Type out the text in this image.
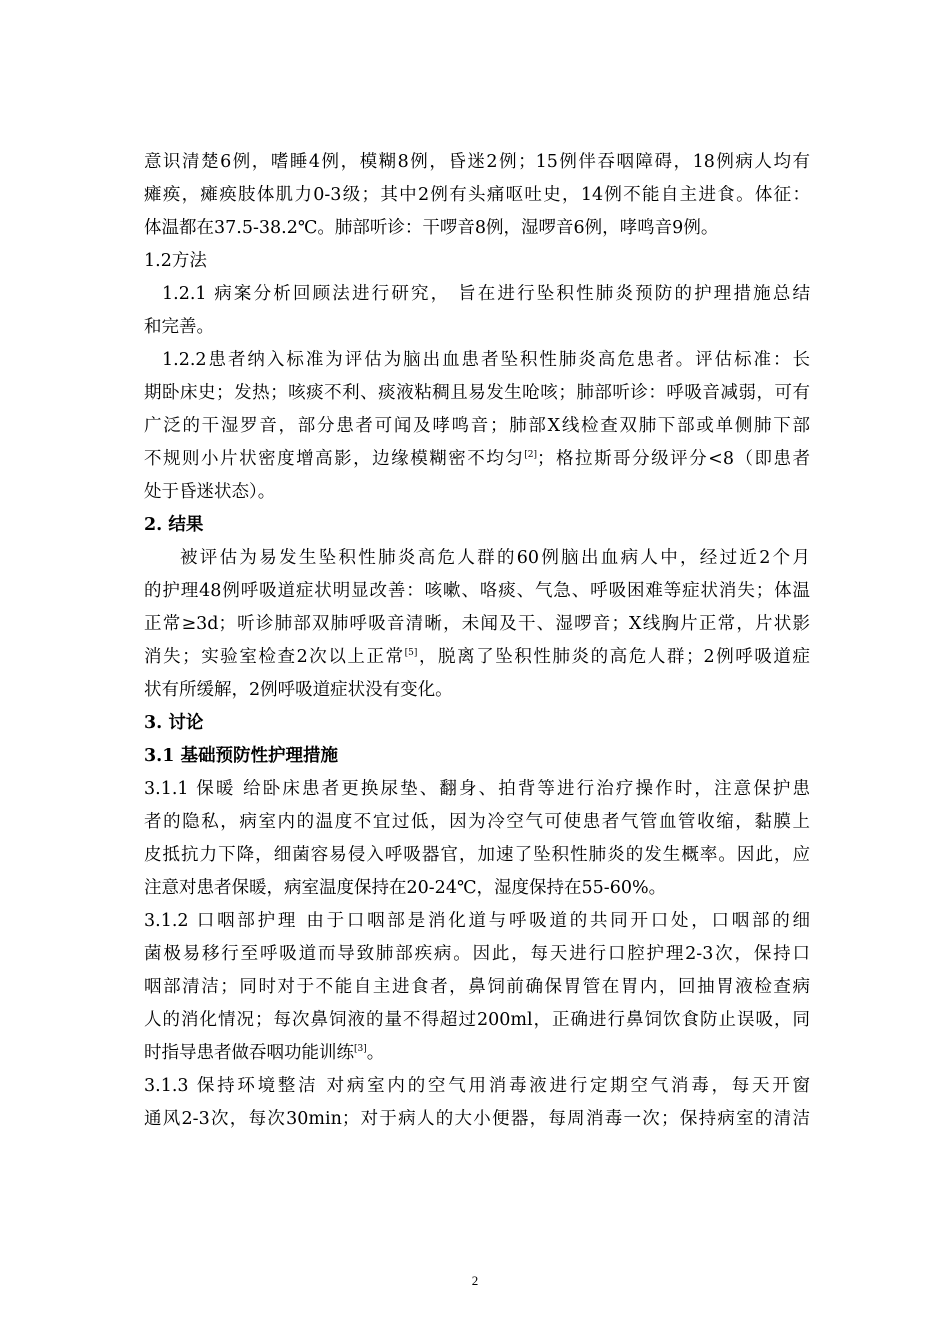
意识清楚6例，嗜睡4例，模糊8例，昏迷2例；15例伴吞咽障碍，18例病人均有
瘫痪，瘫痪肢体肌力0-3级；其中2例有头痛呕吐史，14例不能自主进食。体征：
体温都在37.5-38.2℃。肺部听诊：干啰音8例，湿啰音6例，哮鸣音9例。
1.2方法
1.2.1 病案分析回顾法进行研究， 旨在进行坠积性肺炎预防的护理措施总结
和完善。
1.2.2患者纳入标准为评估为脑出血患者坠积性肺炎高危患者。评估标准：长
期卧床史；发热；咳痰不利、痰液粘稠且易发生呛咳；肺部听诊：呼吸音减弱，可有
广泛的干湿罗音，部分患者可闻及哮鸣音；肺部X线检查双肺下部或单侧肺下部
不规则小片状密度增高影，边缘模糊密不均匀[2]；格拉斯哥分级评分<8（即患者
处于昏迷状态）。
2. 结果
被评估为易发生坠积性肺炎高危人群的60例脑出血病人中，经过近2个月
的护理48例呼吸道症状明显改善：咳嗽、咯痰、气急、呼吸困难等症状消失；体温
正常≥3d；听诊肺部双肺呼吸音清晰，未闻及干、湿啰音；X线胸片正常，片状影
消失；实验室检查2次以上正常[5]，脱离了坠积性肺炎的高危人群；2例呼吸道症
状有所缓解，2例呼吸道症状没有变化。
3. 讨论
3.1 基础预防性护理措施
3.1.1 保暖 给卧床患者更换尿垫、翻身、拍背等进行治疗操作时，注意保护患
者的隐私，病室内的温度不宜过低，因为冷空气可使患者气管血管收缩，黏膜上
皮抵抗力下降，细菌容易侵入呼吸器官，加速了坠积性肺炎的发生概率。因此，应
注意对患者保暖，病室温度保持在20-24℃，湿度保持在55-60%。
3.1.2 口咽部护理 由于口咽部是消化道与呼吸道的共同开口处，口咽部的细
菌极易移行至呼吸道而导致肺部疾病。因此，每天进行口腔护理2-3次，保持口
咽部清洁；同时对于不能自主进食者，鼻饲前确保胃管在胃内，回抽胃液检查病
人的消化情况；每次鼻饲液的量不得超过200ml，正确进行鼻饲饮食防止误吸，同
时指导患者做吞咽功能训练[3]。
3.1.3 保持环境整洁 对病室内的空气用消毒液进行定期空气消毒，每天开窗
通风2-3次，每次30min；对于病人的大小便器，每周消毒一次；保持病室的清洁
2
